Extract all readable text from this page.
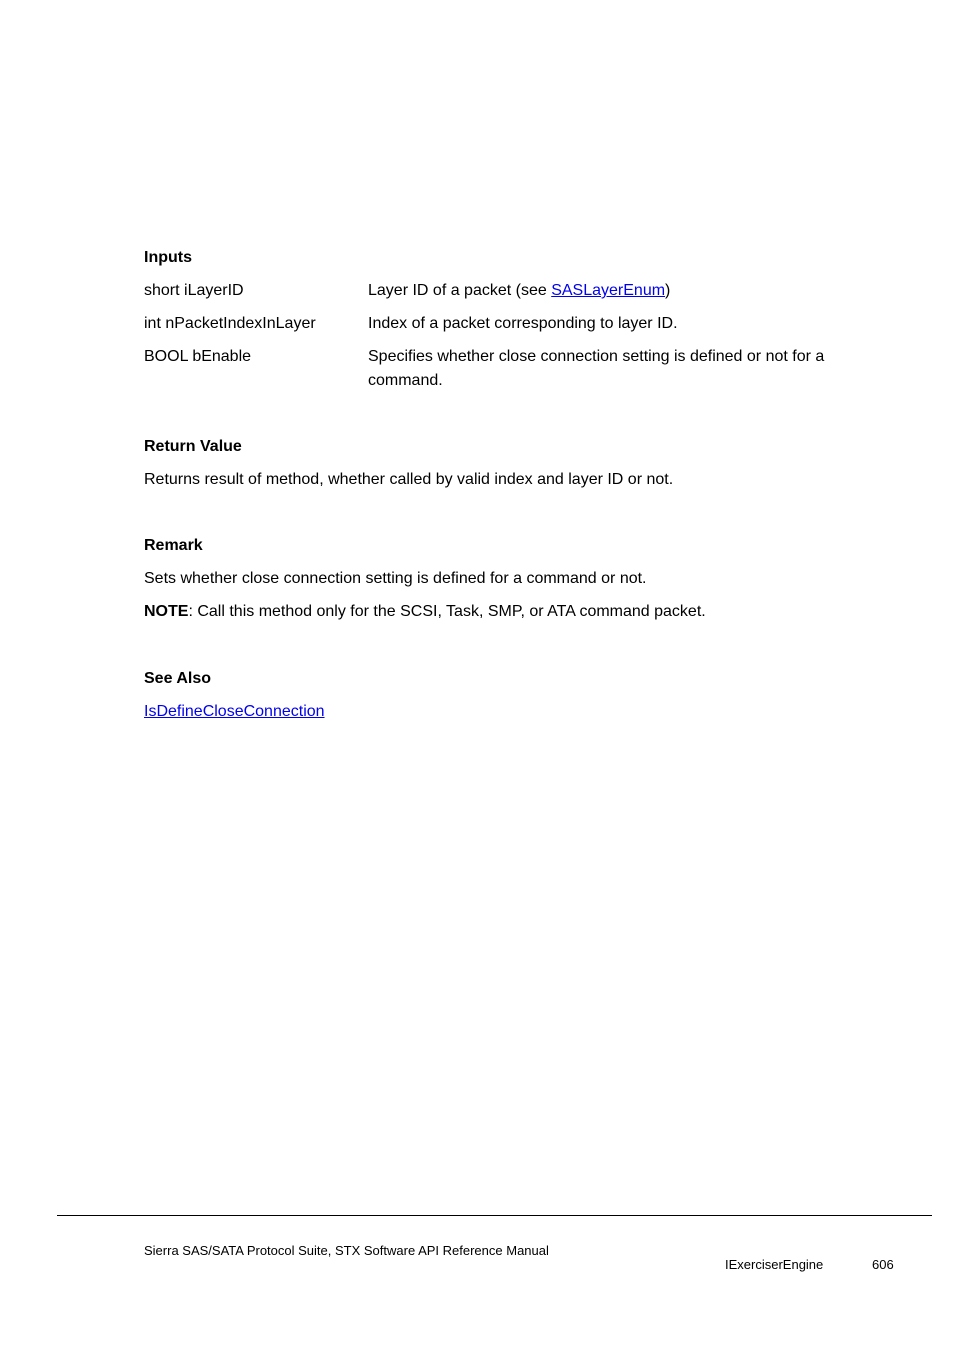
Inputs

short iLayerID	Layer ID of a packet (see SASLayerEnum)

int nPacketIndexInLayer	Index of a packet corresponding to layer ID.

BOOL bEnable	Specifies whether close connection setting is defined or not for a command.

Return Value

Returns result of method, whether called by valid index and layer ID or not.

Remark

Sets whether close connection setting is defined for a command or not.

NOTE: Call this method only for the SCSI, Task, SMP, or ATA command packet.

See Also

IsDefineCloseConnection

Sierra SAS/SATA Protocol Suite, STX Software API Reference Manual

IExerciserEngine	606
